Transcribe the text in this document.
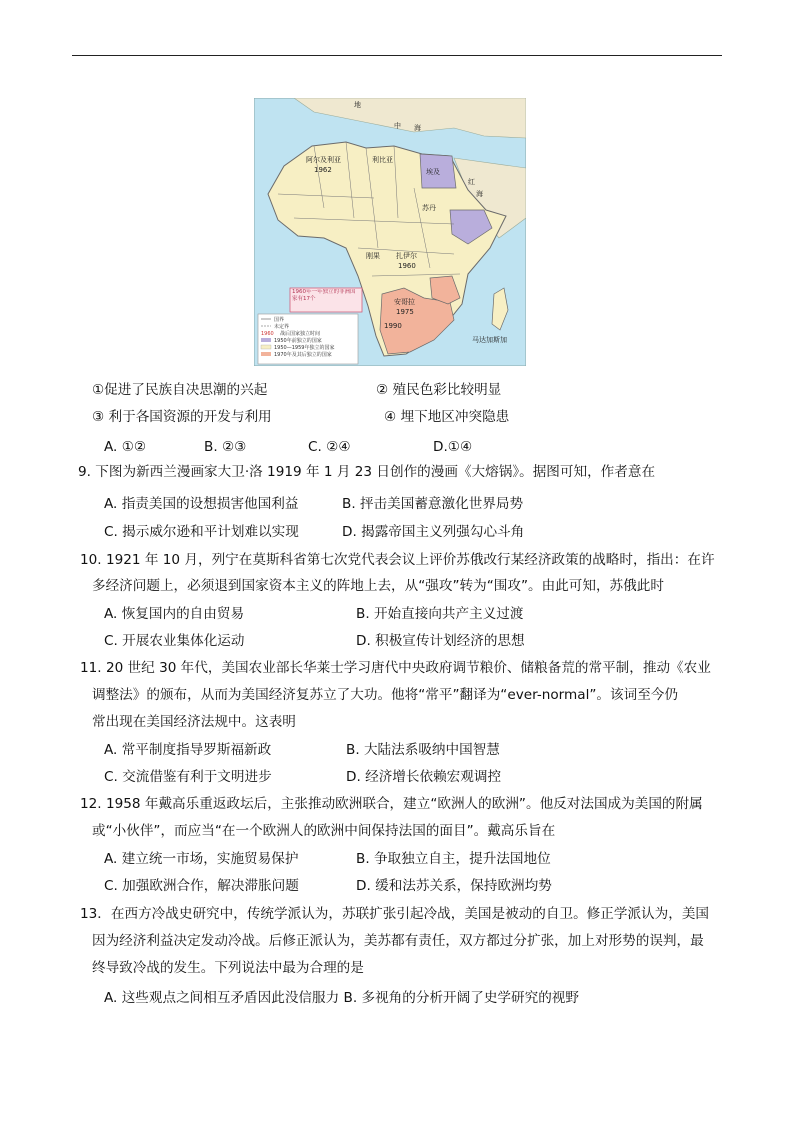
地
中 海
红
海
埃及
苏丹
利比亚
阿尔及利亚
1962
刚果 扎伊尔
1960
1990
安哥拉
1975
马达加斯加
1960年一年独立的非洲国家有17个
国界
未定界
1960 战后国家独立时间
1950年前独立的国家
1950—1959年独立的国家
1970年及其后独立的国家
①促进了民族自决思潮的兴起	② 殖民色彩比较明显
③ 利于各国资源的开发与利用	④ 埋下地区冲突隐患
A. ①②	B. ②③	C. ②④	D.①④
9. 下图为新西兰漫画家大卫·洛 1919 年 1 月 23 日创作的漫画《大熔锅》。据图可知，作者意在
A. 指责美国的设想损害他国利益	B. 抨击美国蓄意激化世界局势
C. 揭示威尔逊和平计划难以实现	D. 揭露帝国主义列强勾心斗角
10. 1921 年 10 月，列宁在莫斯科省第七次党代表会议上评价苏俄改行某经济政策的战略时，指出：在许
多经济问题上，必须退到国家资本主义的阵地上去，从“强攻”转为“围攻”。由此可知，苏俄此时
A. 恢复国内的自由贸易	B. 开始直接向共产主义过渡
C. 开展农业集体化运动	D. 积极宣传计划经济的思想
11. 20 世纪 30 年代，美国农业部长华莱士学习唐代中央政府调节粮价、储粮备荒的常平制，推动《农业
调整法》的颁布，从而为美国经济复苏立了大功。他将“常平”翻译为“ever-normal”。该词至今仍
常出现在美国经济法规中。这表明
A. 常平制度指导罗斯福新政	B. 大陆法系吸纳中国智慧
C. 交流借鉴有利于文明进步	D. 经济增长依赖宏观调控
12. 1958 年戴高乐重返政坛后，主张推动欧洲联合，建立“欧洲人的欧洲”。他反对法国成为美国的附属
或“小伙伴”，而应当“在一个欧洲人的欧洲中间保持法国的面目”。戴高乐旨在
A. 建立统一市场，实施贸易保护	B. 争取独立自主，提升法国地位
C. 加强欧洲合作，解决滞胀问题	D. 缓和法苏关系，保持欧洲均势
13．在西方冷战史研究中，传统学派认为，苏联扩张引起冷战，美国是被动的自卫。修正学派认为，美国
因为经济利益决定发动冷战。后修正派认为，美苏都有责任，双方都过分扩张，加上对形势的误判，最
终导致冷战的发生。下列说法中最为合理的是
A. 这些观点之间相互矛盾因此没信服力 B. 多视角的分析开阔了史学研究的视野
